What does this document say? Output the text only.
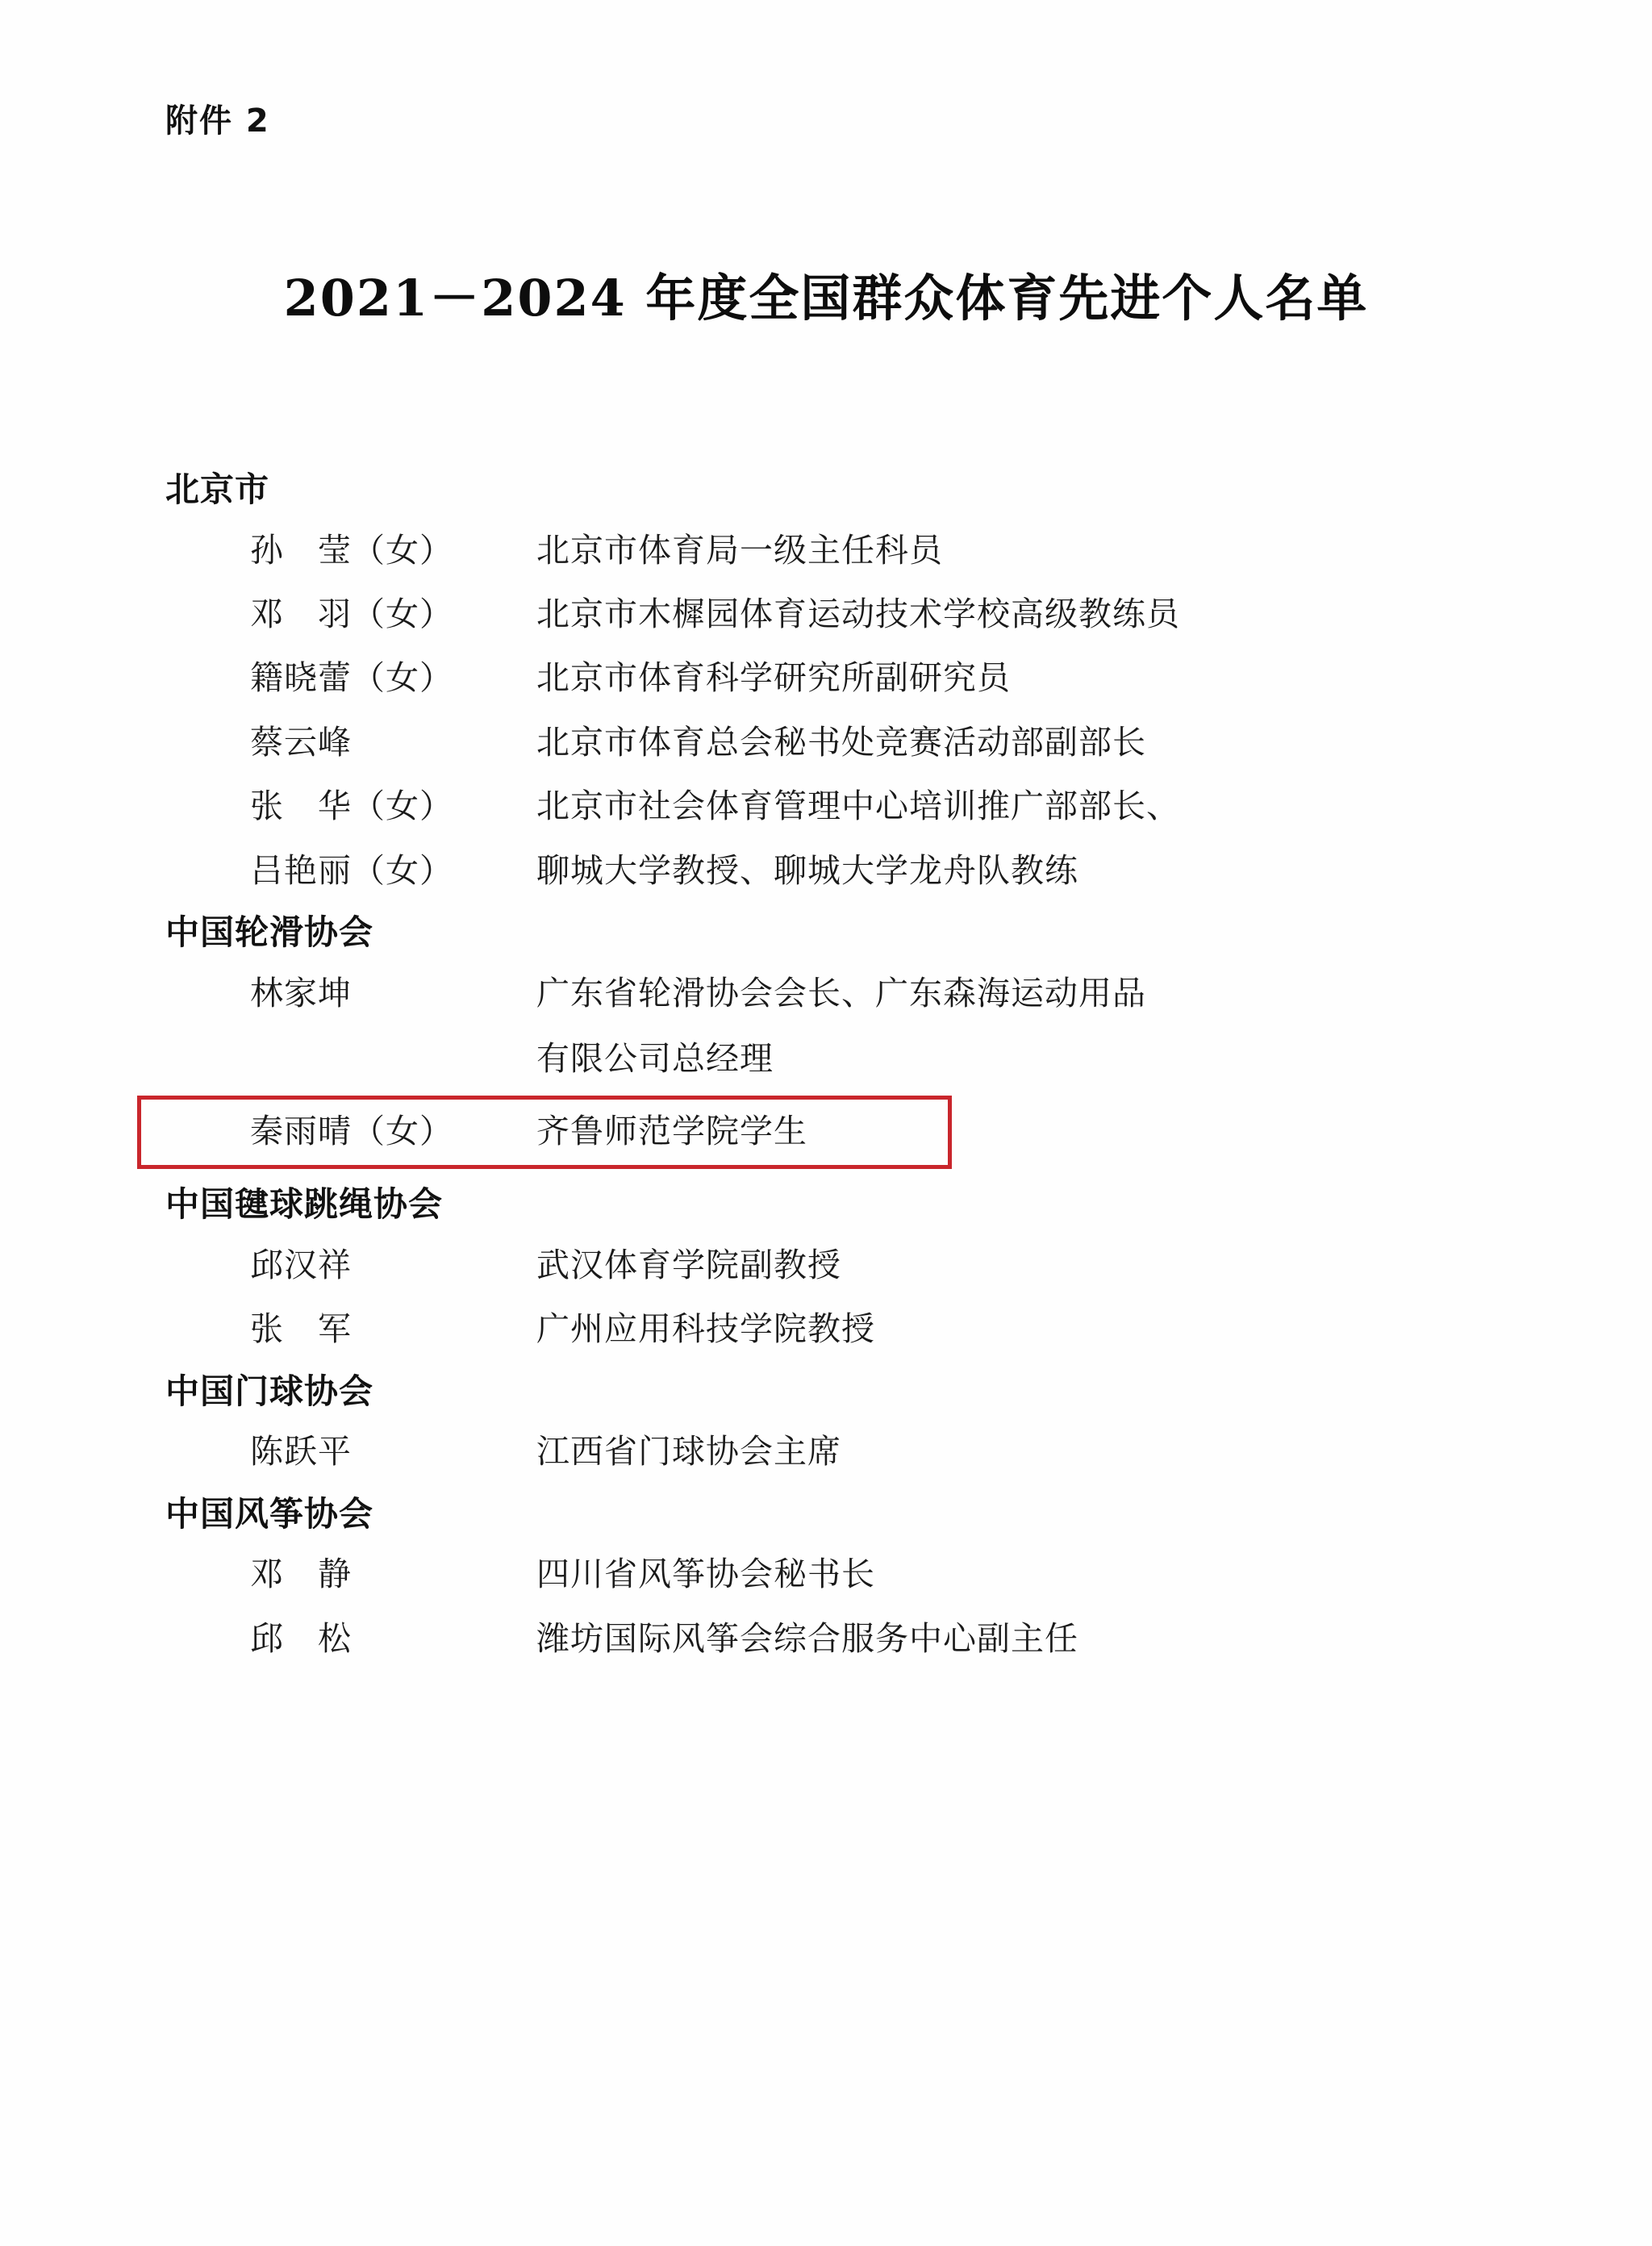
附件 2
2021－2024 年度全国群众体育先进个人名单
北京市
孙　莹（女）	北京市体育局一级主任科员
邓　羽（女）	北京市木樨园体育运动技术学校高级教练员
籍晓蕾（女）	北京市体育科学研究所副研究员
蔡云峰	北京市体育总会秘书处竞赛活动部副部长
张　华（女）	北京市社会体育管理中心培训推广部部长、
吕艳丽（女）	聊城大学教授、聊城大学龙舟队教练
中国轮滑协会
林家坤	广东省轮滑协会会长、广东森海运动用品
有限公司总经理
秦雨晴（女）	齐鲁师范学院学生
中国毽球跳绳协会
邱汉祥	武汉体育学院副教授
张　军	广州应用科技学院教授
中国门球协会
陈跃平	江西省门球协会主席
中国风筝协会
邓　静	四川省风筝协会秘书长
邱　松	潍坊国际风筝会综合服务中心副主任
